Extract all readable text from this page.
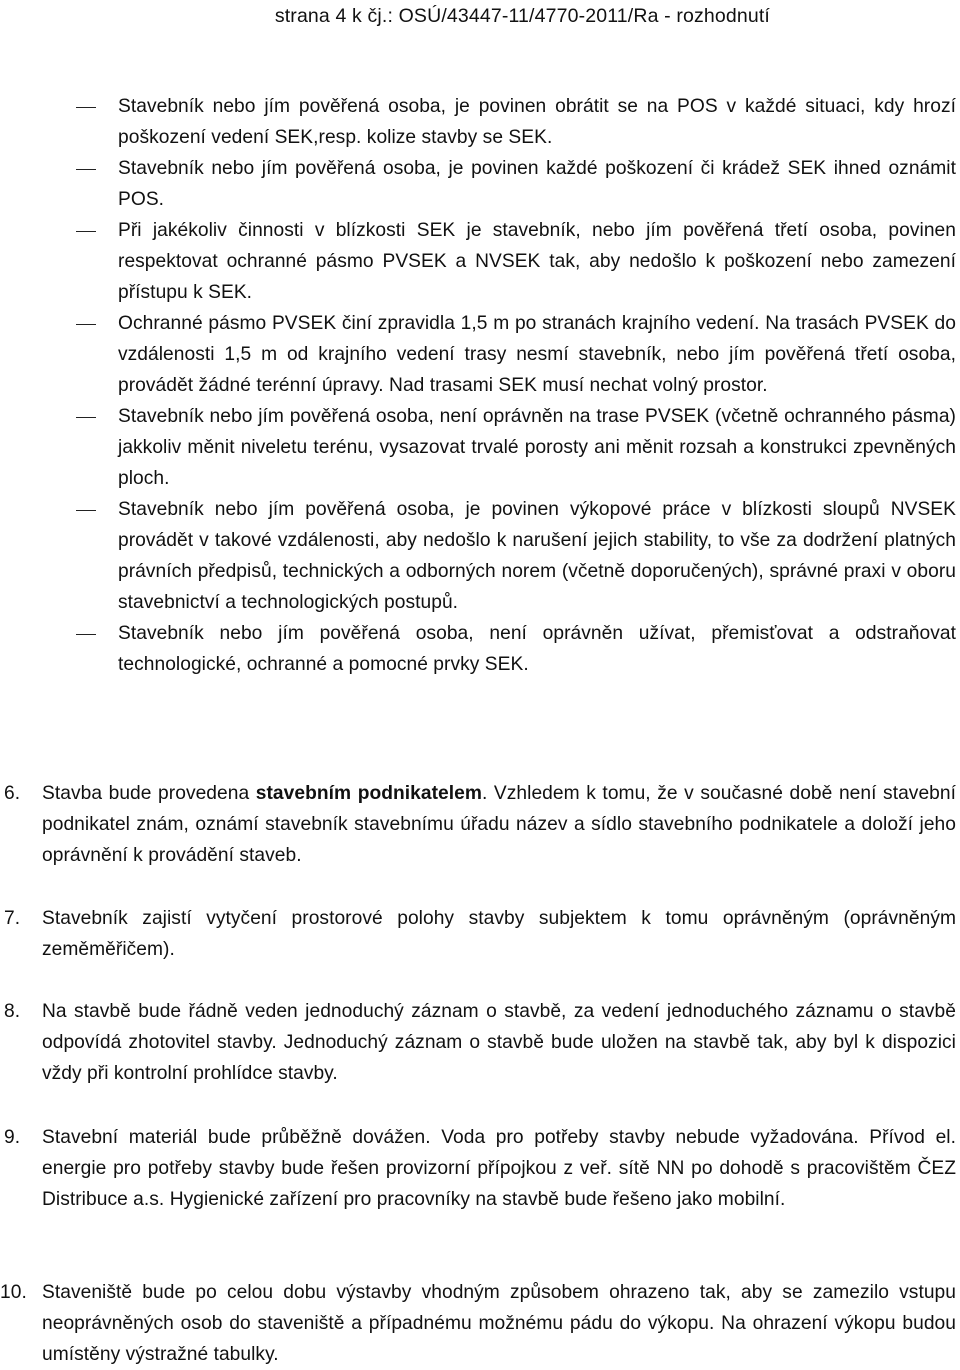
strana 4 k čj.: OSÚ/43447-11/4770-2011/Ra - rozhodnutí
Stavebník nebo jím pověřená osoba, je povinen obrátit se na POS v každé situaci, kdy hrozí poškození vedení SEK,resp. kolize stavby se SEK.
Stavebník nebo jím pověřená osoba, je povinen každé poškození či krádež SEK ihned oznámit POS.
Při jakékoliv činnosti v blízkosti SEK je stavebník, nebo jím pověřená třetí osoba, povinen respektovat ochranné pásmo PVSEK a NVSEK tak, aby nedošlo k poškození nebo zamezení přístupu k SEK.
Ochranné pásmo PVSEK činí zpravidla 1,5 m po stranách krajního vedení. Na trasách PVSEK do vzdálenosti 1,5 m od krajního vedení trasy nesmí stavebník, nebo jím pověřená třetí osoba, provádět žádné terénní úpravy. Nad trasami SEK musí nechat volný prostor.
Stavebník nebo jím pověřená osoba, není oprávněn na trase PVSEK (včetně ochranného pásma) jakkoliv měnit niveletu terénu, vysazovat trvalé porosty ani měnit rozsah a konstrukci zpevněných ploch.
Stavebník nebo jím pověřená osoba, je povinen výkopové práce v blízkosti sloupů NVSEK provádět v takové vzdálenosti, aby nedošlo k narušení jejich stability, to vše za dodržení platných právních předpisů, technických a odborných norem (včetně doporučených), správné praxi v oboru stavebnictví a technologických postupů.
Stavebník nebo jím pověřená osoba, není oprávněn užívat, přemisťovat a odstraňovat technologické, ochranné a pomocné prvky SEK.
6. Stavba bude provedena stavebním podnikatelem. Vzhledem k tomu, že v současné době není stavební podnikatel znám, oznámí stavebník stavebnímu úřadu název a sídlo stavebního podnikatele a doloží jeho oprávnění k provádění staveb.
7. Stavebník zajistí vytyčení prostorové polohy stavby subjektem k tomu oprávněným (oprávněným zeměměřičem).
8. Na stavbě bude řádně veden jednoduchý záznam o stavbě, za vedení jednoduchého záznamu o stavbě odpovídá zhotovitel stavby. Jednoduchý záznam o stavbě bude uložen na stavbě tak, aby byl k dispozici vždy při kontrolní prohlídce stavby.
9. Stavební materiál bude průběžně dovážen. Voda pro potřeby stavby nebude vyžadována. Přívod el. energie pro potřeby stavby bude řešen provizorní přípojkou z veř. sítě NN po dohodě s pracovištěm ČEZ Distribuce a.s. Hygienické zařízení pro pracovníky na stavbě bude řešeno jako mobilní.
10. Staveniště bude po celou dobu výstavby vhodným způsobem ohrazeno tak, aby se zamezilo vstupu neoprávněných osob do staveniště a případnému možnému pádu do výkopu. Na ohrazení výkopu budou umístěny výstražné tabulky.
